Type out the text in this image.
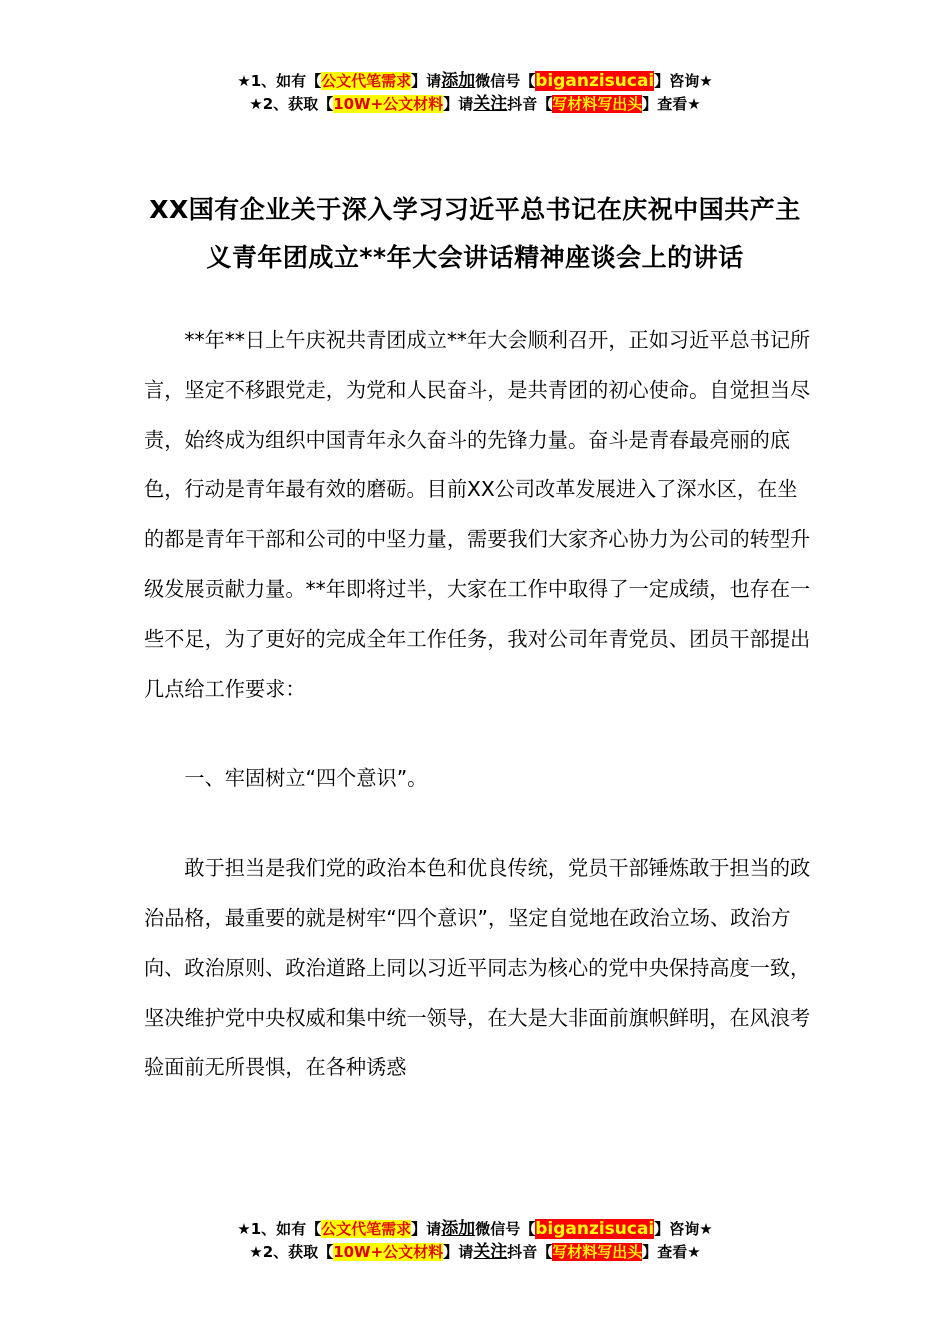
★1、如有【公文代笔需求】请添加微信号【biganzisucai】咨询★
★2、获取【10W+公文材料】请关注抖音【写材料写出头】查看★
XX国有企业关于深入学习习近平总书记在庆祝中国共产主义青年团成立**年大会讲话精神座谈会上的讲话

**年**日上午庆祝共青团成立**年大会顺利召开，正如习近平总书记所言，坚定不移跟党走，为党和人民奋斗，是共青团的初心使命。自觉担当尽责，始终成为组织中国青年永久奋斗的先锋力量。奋斗是青春最亮丽的底色，行动是青年最有效的磨砺。目前XX公司改革发展进入了深水区，在坐的都是青年干部和公司的中坚力量，需要我们大家齐心协力为公司的转型升级发展贡献力量。**年即将过半，大家在工作中取得了一定成绩，也存在一些不足，为了更好的完成全年工作任务，我对公司年青党员、团员干部提出几点给工作要求：

一、牢固树立“四个意识”。

敢于担当是我们党的政治本色和优良传统，党员干部锤炼敢于担当的政治品格，最重要的就是树牢“四个意识”，坚定自觉地在政治立场、政治方向、政治原则、政治道路上同以习近平同志为核心的党中央保持高度一致，坚决维护党中央权威和集中统一领导，在大是大非面前旗帜鲜明，在风浪考验面前无所畏惧，在各种诱惑

★1、如有【公文代笔需求】请添加微信号【biganzisucai】咨询★
★2、获取【10W+公文材料】请关注抖音【写材料写出头】查看★
